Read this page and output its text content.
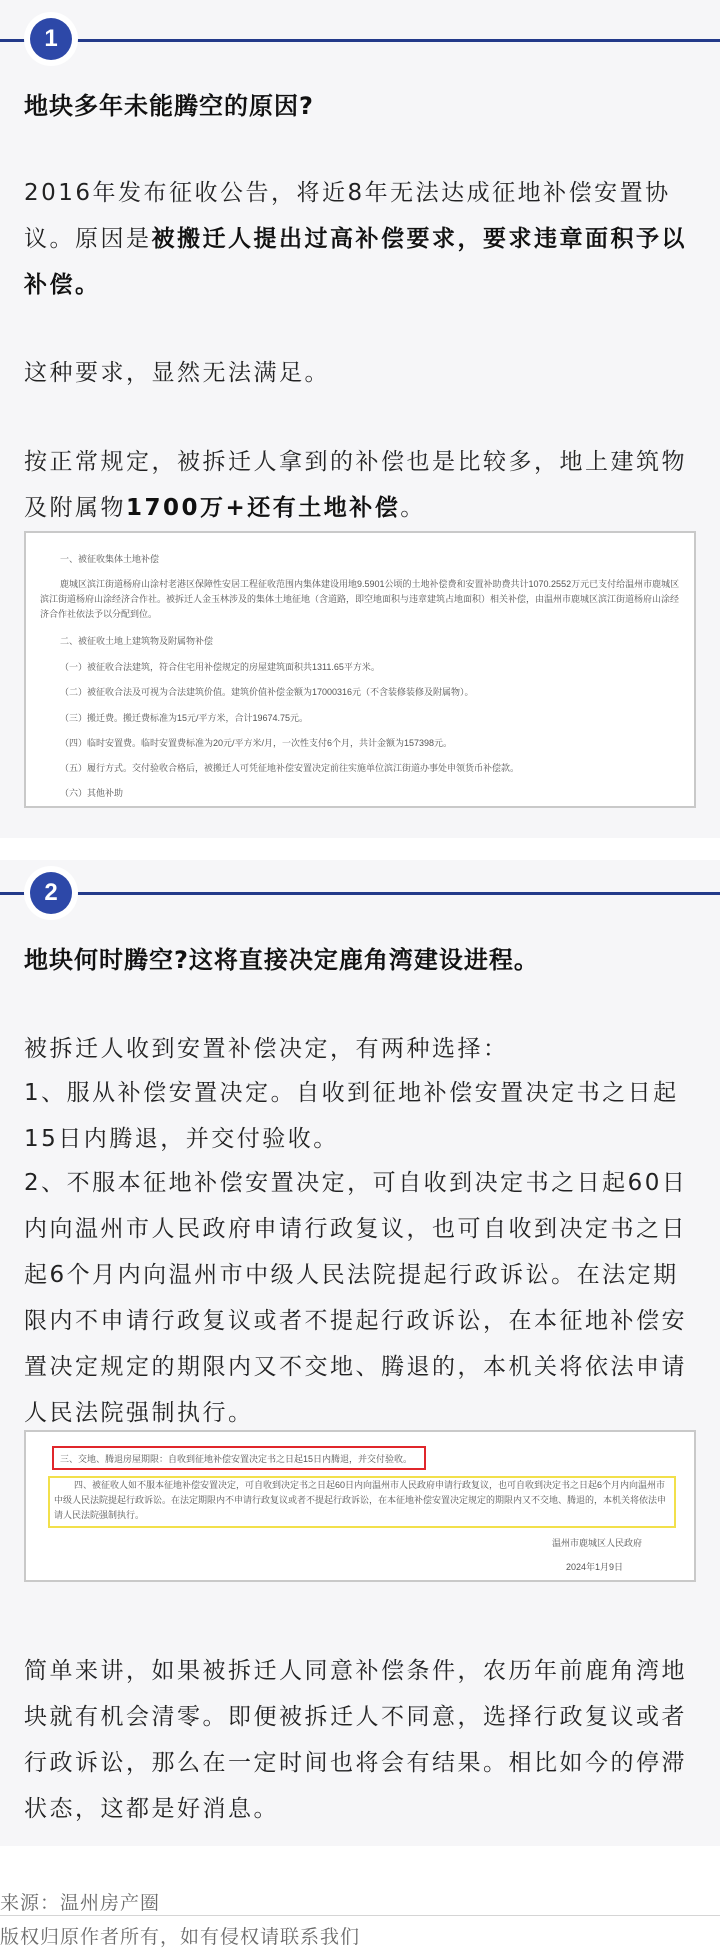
1
地块多年未能腾空的原因?
2016年发布征收公告，将近8年无法达成征地补偿安置协议。原因是被搬迁人提出过高补偿要求，要求违章面积予以补偿。
这种要求，显然无法满足。
按正常规定，被拆迁人拿到的补偿也是比较多，地上建筑物及附属物1700万+还有土地补偿。
一、被征收集体土地补偿
鹿城区滨江街道杨府山涂村老港区保障性安居工程征收范围内集体建设用地9.5901公顷的土地补偿费和安置补助费共计1070.2552万元已支付给温州市鹿城区滨江街道杨府山涂经济合作社。被拆迁人金玉林涉及的集体土地征地（含道路，即空地面积与违章建筑占地面积）相关补偿，由温州市鹿城区滨江街道杨府山涂经济合作社依法予以分配到位。
二、被征收土地上建筑物及附属物补偿
（一）被征收合法建筑，符合住宅用补偿规定的房屋建筑面积共1311.65平方米。
（二）被征收合法及可视为合法建筑价值。建筑价值补偿金额为17000316元（不含装修装修及附属物）。
（三）搬迁费。搬迁费标准为15元/平方米，合计19674.75元。
（四）临时安置费。临时安置费标准为20元/平方米/月，一次性支付6个月，共计金额为157398元。
（五）履行方式。交付验收合格后，被搬迁人可凭征地补偿安置决定前往实施单位滨江街道办事处申领货币补偿款。
（六）其他补助
2
地块何时腾空?这将直接决定鹿角湾建设进程。
被拆迁人收到安置补偿决定，有两种选择：
1、服从补偿安置决定。自收到征地补偿安置决定书之日起15日内腾退，并交付验收。
2、不服本征地补偿安置决定，可自收到决定书之日起60日内向温州市人民政府申请行政复议，也可自收到决定书之日起6个月内向温州市中级人民法院提起行政诉讼。在法定期限内不申请行政复议或者不提起行政诉讼，在本征地补偿安置决定规定的期限内又不交地、腾退的，本机关将依法申请人民法院强制执行。
三、交地、腾退房屋期限：自收到征地补偿安置决定书之日起15日内腾退，并交付验收。
四、被征收人如不服本征地补偿安置决定，可自收到决定书之日起60日内向温州市人民政府申请行政复议，也可自收到决定书之日起6个月内向温州市中级人民法院提起行政诉讼。在法定期限内不申请行政复议或者不提起行政诉讼，在本征地补偿安置决定规定的期限内又不交地、腾退的，本机关将依法申请人民法院强制执行。
温州市鹿城区人民政府
2024年1月9日
简单来讲，如果被拆迁人同意补偿条件，农历年前鹿角湾地块就有机会清零。即便被拆迁人不同意，选择行政复议或者行政诉讼，那么在一定时间也将会有结果。相比如今的停滞状态，这都是好消息。
来源：温州房产圈
版权归原作者所有，如有侵权请联系我们
